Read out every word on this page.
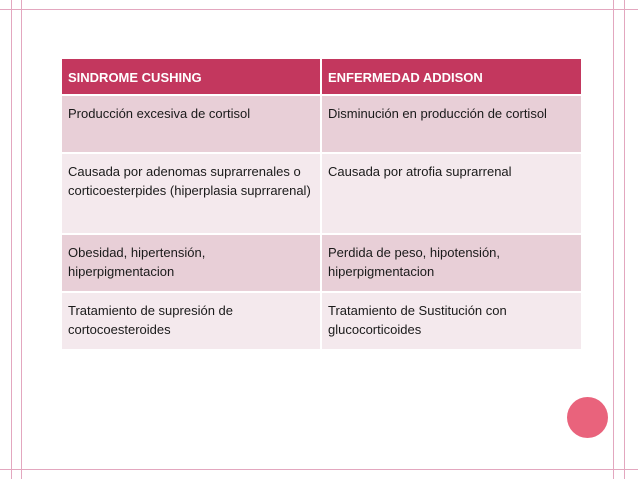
SINDROME CUSHING	ENFERMEDAD ADDISON
Producción excesiva de cortisol	Disminución en producción de cortisol
Causada por adenomas suprarrenales o corticoesterpides (hiperplasia suprrarenal)	Causada por atrofia suprarrenal
Obesidad, hipertensión, hiperpigmentacion	Perdida de peso, hipotensión, hiperpigmentacion
Tratamiento de supresión de cortocoesteroides	Tratamiento de Sustitución con glucocorticoides
